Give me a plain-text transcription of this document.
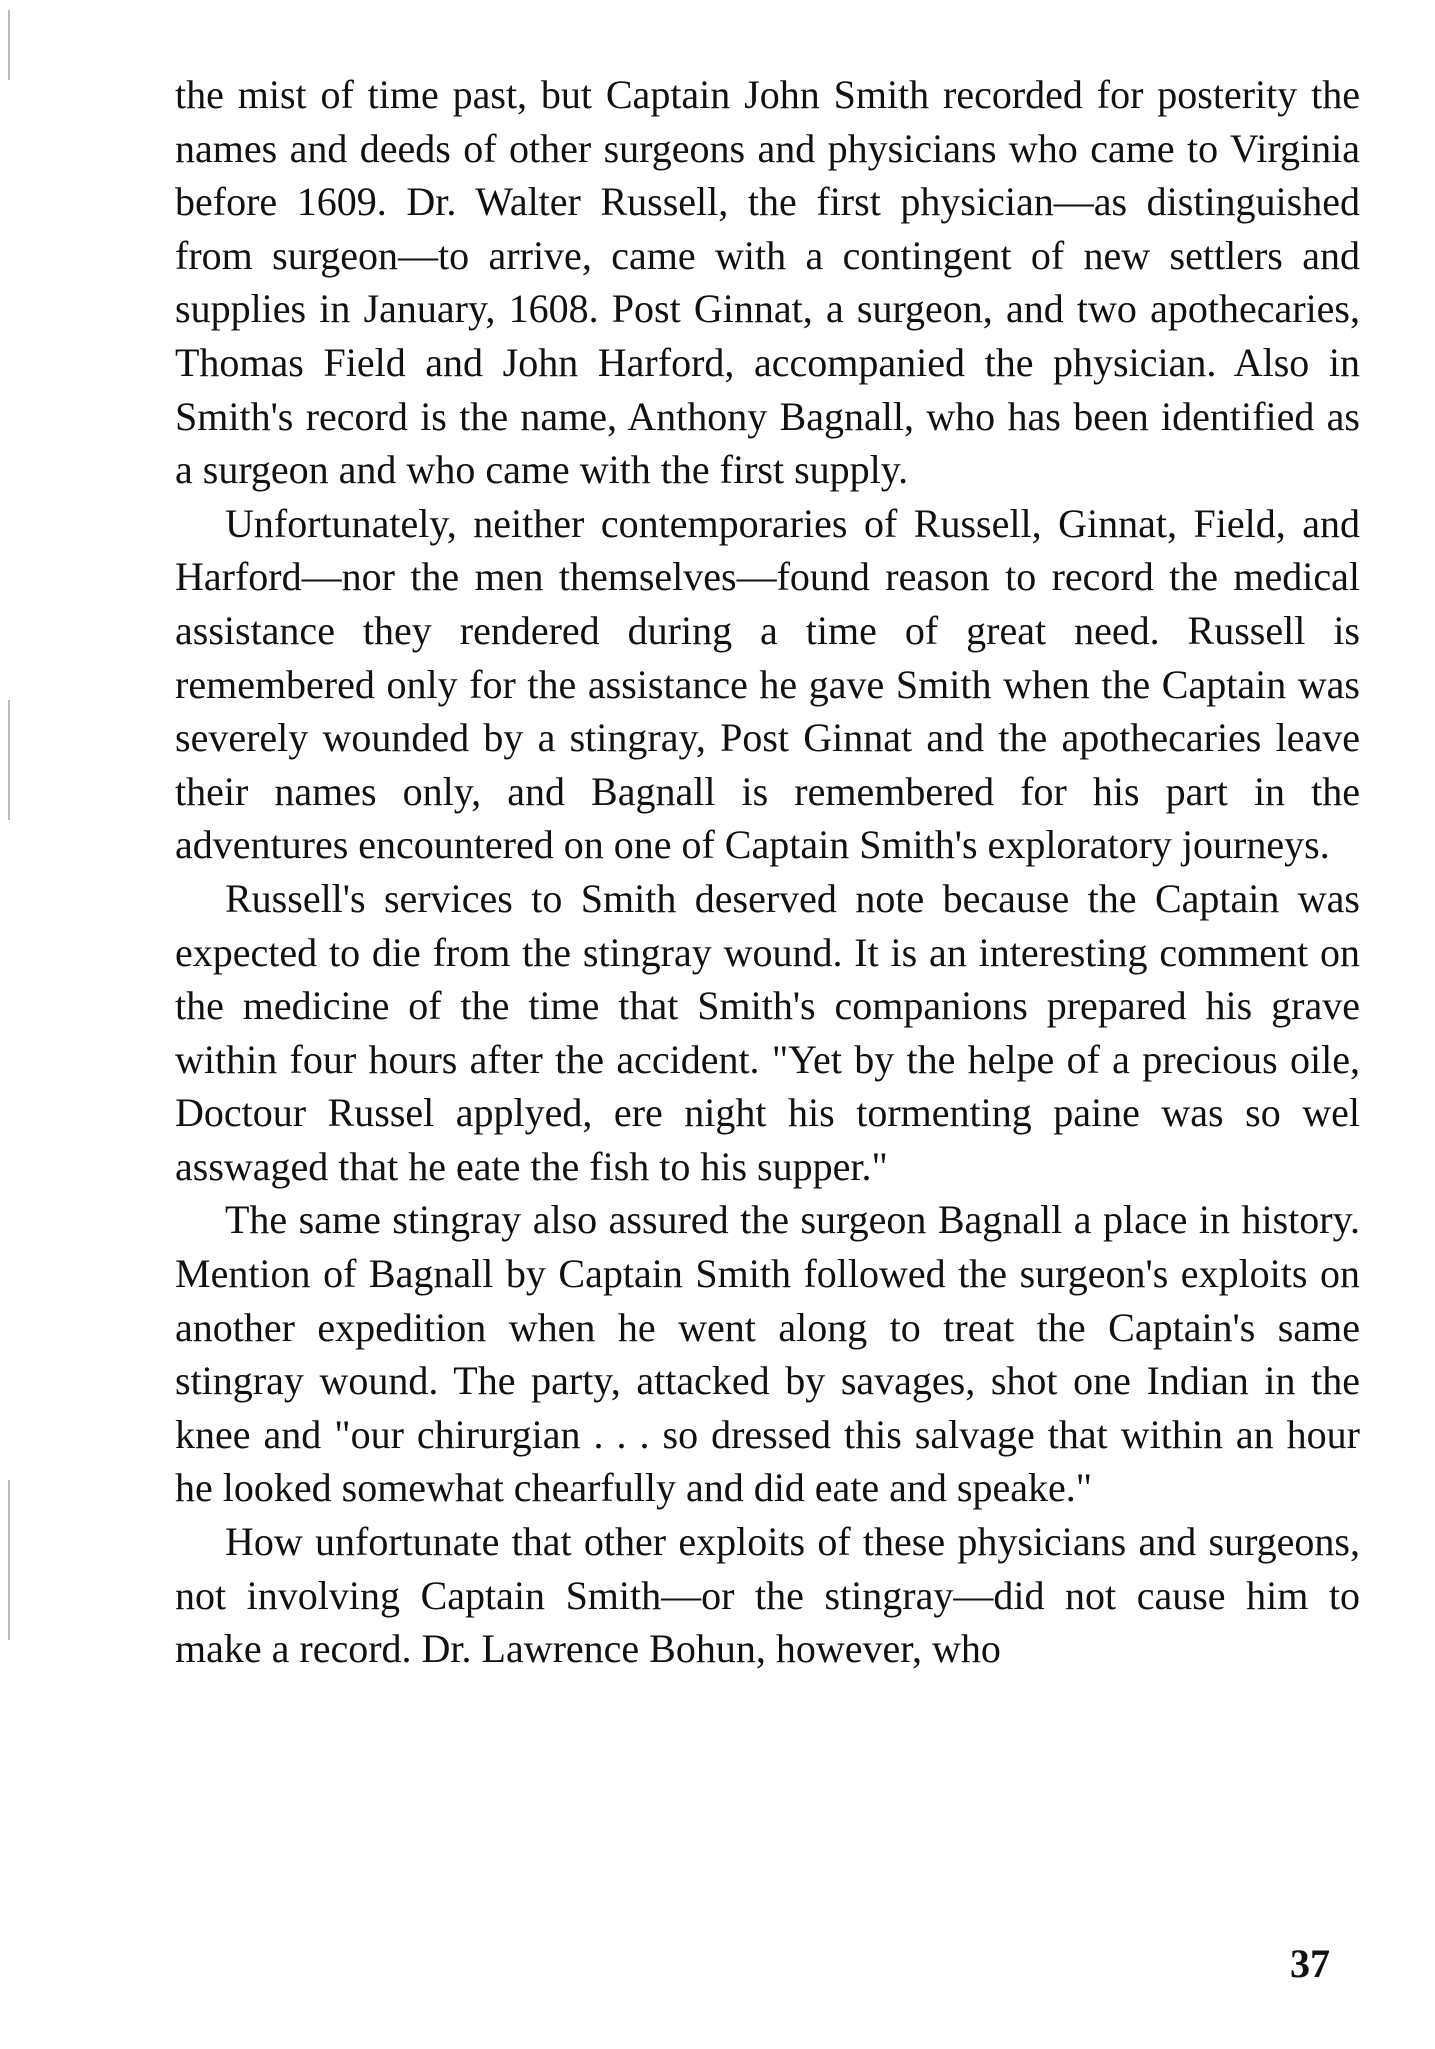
the mist of time past, but Captain John Smith recorded for posterity the names and deeds of other surgeons and physicians who came to Virginia before 1609. Dr. Walter Russell, the first physician—as distinguished from surgeon—to arrive, came with a contingent of new settlers and supplies in January, 1608. Post Ginnat, a surgeon, and two apothecaries, Thomas Field and John Harford, accompanied the physician. Also in Smith's record is the name, Anthony Bagnall, who has been identified as a surgeon and who came with the first supply.

Unfortunately, neither contemporaries of Russell, Ginnat, Field, and Harford—nor the men themselves—found reason to record the medical assistance they rendered during a time of great need. Russell is remembered only for the assistance he gave Smith when the Captain was severely wounded by a stingray, Post Ginnat and the apothecaries leave their names only, and Bagnall is remembered for his part in the adventures encountered on one of Captain Smith's exploratory journeys.

Russell's services to Smith deserved note because the Captain was expected to die from the stingray wound. It is an interesting comment on the medicine of the time that Smith's companions prepared his grave within four hours after the accident. "Yet by the helpe of a precious oile, Doctour Russel applyed, ere night his tormenting paine was so wel asswaged that he eate the fish to his supper."

The same stingray also assured the surgeon Bagnall a place in history. Mention of Bagnall by Captain Smith followed the surgeon's exploits on another expedition when he went along to treat the Captain's same stingray wound. The party, attacked by savages, shot one Indian in the knee and "our chirurgian . . . so dressed this salvage that within an hour he looked somewhat chearfully and did eate and speake."

How unfortunate that other exploits of these physicians and surgeons, not involving Captain Smith—or the stingray—did not cause him to make a record. Dr. Lawrence Bohun, however, who

37
